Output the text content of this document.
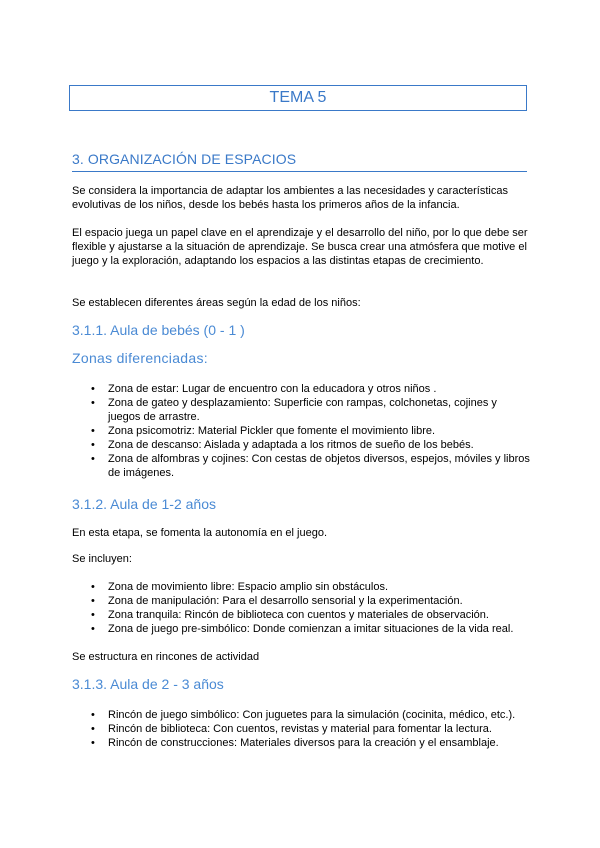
TEMA 5
3. ORGANIZACIÓN DE ESPACIOS

Se considera la importancia de adaptar los ambientes a las necesidades y características evolutivas de los niños, desde los bebés hasta los primeros años de la infancia.

El espacio juega un papel clave en el aprendizaje y el desarrollo del niño, por lo que debe ser flexible y ajustarse a la situación de aprendizaje. Se busca crear una atmósfera que motive el juego y la exploración, adaptando los espacios a las distintas etapas de crecimiento.

Se establecen diferentes áreas según la edad de los niños:

3.1.1. Aula de bebés (0 - 1 )
Zonas diferenciadas:
• Zona de estar: Lugar de encuentro con la educadora y otros niños .
• Zona de gateo y desplazamiento: Superficie con rampas, colchonetas, cojines y juegos de arrastre.
• Zona psicomotriz: Material Pickler que fomente el movimiento libre.
• Zona de descanso: Aislada y adaptada a los ritmos de sueño de los bebés.
• Zona de alfombras y cojines: Con cestas de objetos diversos, espejos, móviles y libros de imágenes.
3.1.2. Aula de 1-2 años

En esta etapa, se fomenta la autonomía en el juego.

Se incluyen:

• Zona de movimiento libre: Espacio amplio sin obstáculos.
• Zona de manipulación: Para el desarrollo sensorial y la experimentación.
• Zona tranquila: Rincón de biblioteca con cuentos y materiales de observación.
• Zona de juego pre-simbólico: Donde comienzan a imitar situaciones de la vida real.

Se estructura en rincones de actividad

3.1.3. Aula de 2 - 3 años
• Rincón de juego simbólico: Con juguetes para la simulación (cocinita, médico, etc.).
• Rincón de biblioteca: Con cuentos, revistas y material para fomentar la lectura.
• Rincón de construcciones: Materiales diversos para la creación y el ensamblaje.
